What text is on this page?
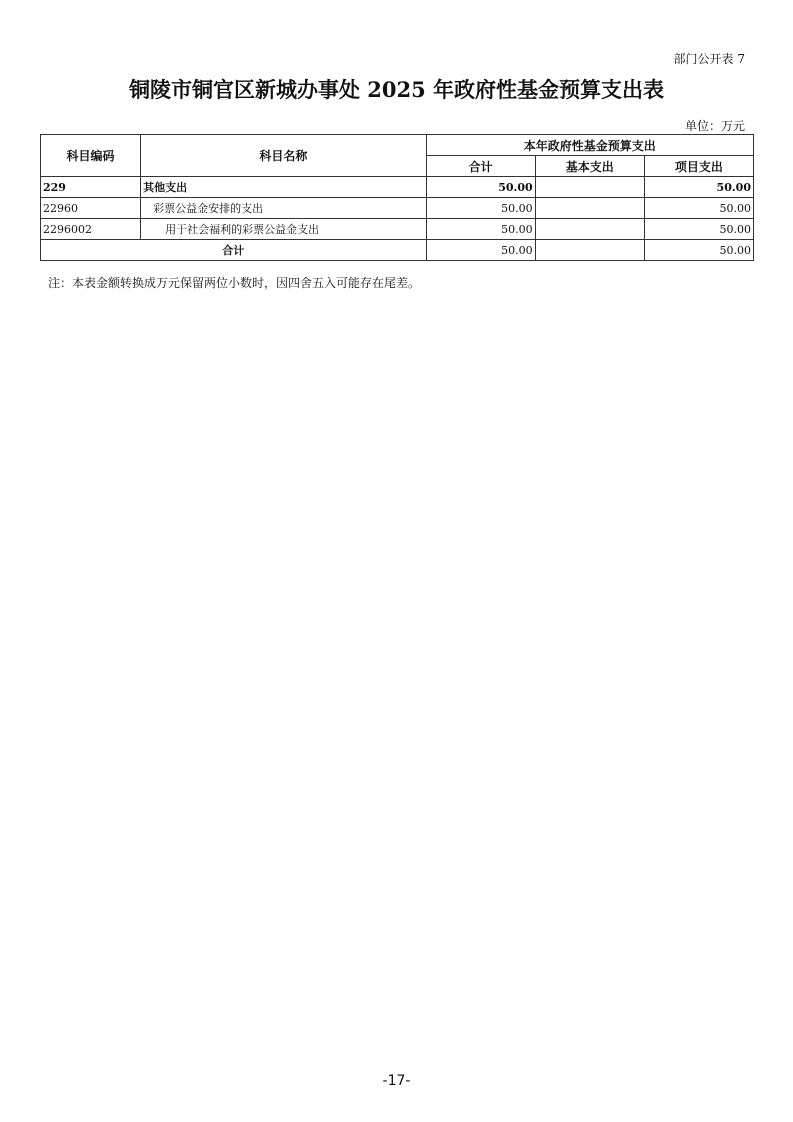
部门公开表 7
铜陵市铜官区新城办事处 2025 年政府性基金预算支出表
单位：万元
科目编码	科目名称	本年政府性基金预算支出		
		合计	基本支出	项目支出
229	其他支出	50.00		50.00
22960	彩票公益金安排的支出	50.00		50.00
2296002	用于社会福利的彩票公益金支出	50.00		50.00
合计		50.00		50.00
注：本表金额转换成万元保留两位小数时，因四舍五入可能存在尾差。
-17-
